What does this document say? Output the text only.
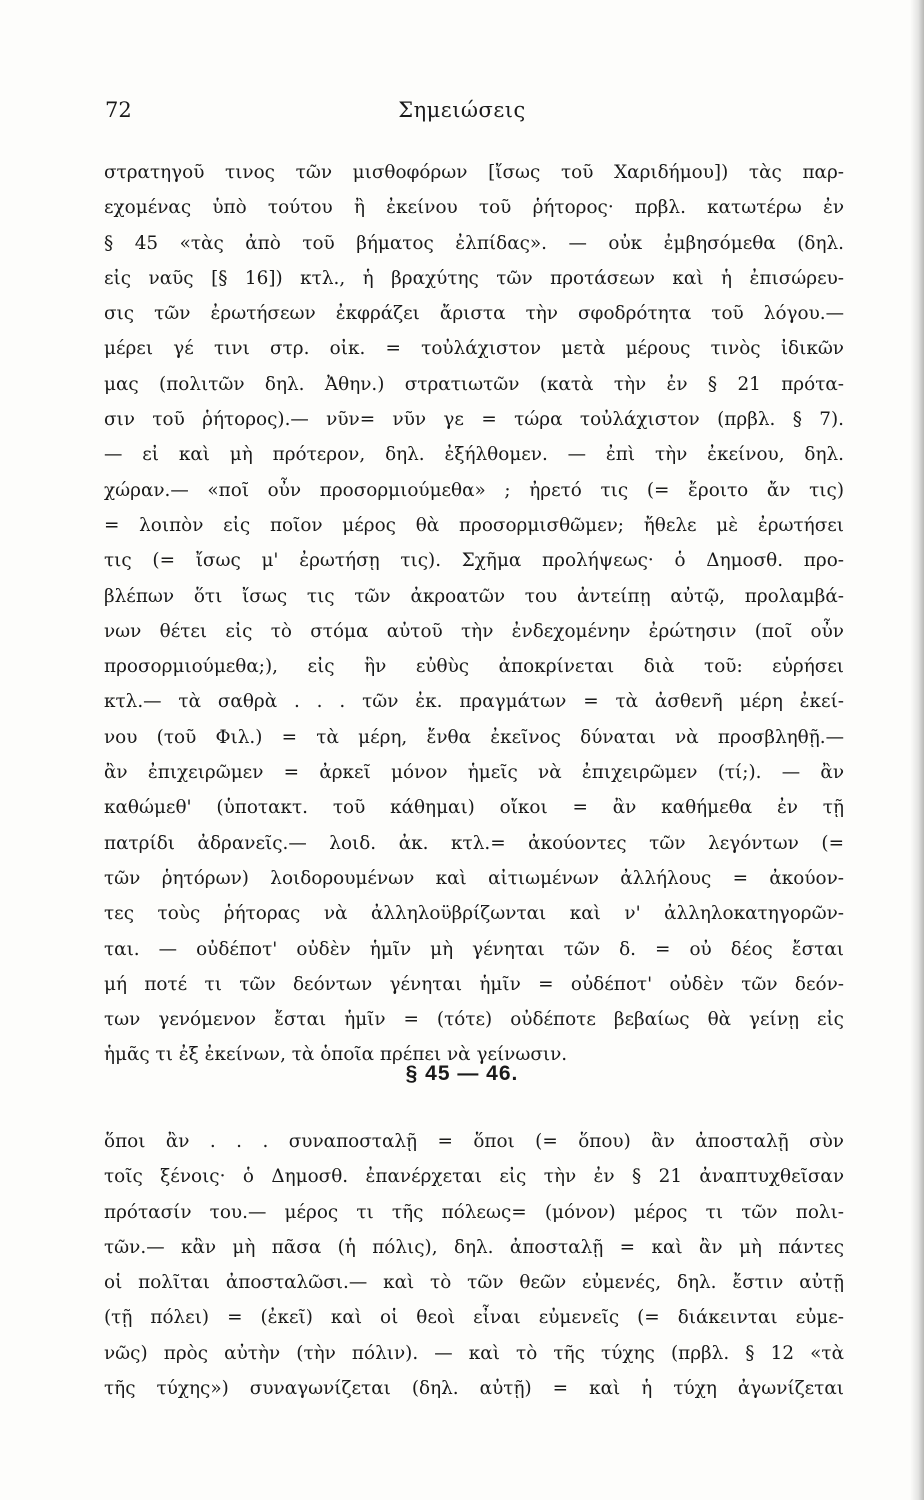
72	Σημειώσεις
στρατηγοῦ τινος τῶν μισθοφόρων [ἴσως τοῦ Χαριδήμου]) τὰς παρ-
εχομένας ὑπὸ τούτου ἢ ἐκείνου τοῦ ῥήτορος· πρβλ. κατωτέρω ἐν
§ 45 «τὰς ἀπὸ τοῦ βήματος ἐλπίδας». — οὐκ ἐμβησόμεθα (δηλ.
εἰς ναῦς [§ 16]) κτλ., ἡ βραχύτης τῶν προτάσεων καὶ ἡ ἐπισώρευ-
σις τῶν ἐρωτήσεων ἐκφράζει ἄριστα τὴν σφοδρότητα τοῦ λόγου.—
μέρει γέ τινι στρ. οἰκ. = τοὐλάχιστον μετὰ μέρους τινὸς ἰδικῶν
μας (πολιτῶν δηλ. Ἀθην.) στρατιωτῶν (κατὰ τὴν ἐν § 21 πρότα-
σιν τοῦ ῥήτορος).— νῦν= νῦν γε = τώρα τοὐλάχιστον (πρβλ. § 7).
— εἰ καὶ μὴ πρότερον, δηλ. ἐξήλθομεν. — ἐπὶ τὴν ἐκείνου, δηλ.
χώραν.— «ποῖ οὖν προσορμιούμεθα» ; ἠρετό τις (= ἔροιτο ἄν τις)
= λοιπὸν εἰς ποῖον μέρος θὰ προσορμισθῶμεν; ἤθελε μὲ ἐρωτήσει
τις (= ἴσως μ' ἐρωτήσῃ τις). Σχῆμα προλήψεως· ὁ Δημοσθ. προ-
βλέπων ὅτι ἴσως τις τῶν ἀκροατῶν του ἀντείπῃ αὐτῷ, προλαμβά-
νων θέτει εἰς τὸ στόμα αὐτοῦ τὴν ἐνδεχομένην ἐρώτησιν (ποῖ οὖν
προσορμιούμεθα;), εἰς ἣν εὐθὺς ἀποκρίνεται διὰ τοῦ: εὑρήσει
κτλ.— τὰ σαθρὰ . . . τῶν ἐκ. πραγμάτων = τὰ ἀσθενῆ μέρη ἐκεί-
νου (τοῦ Φιλ.) = τὰ μέρη, ἔνθα ἐκεῖνος δύναται νὰ προσβληθῇ.—
ἂν ἐπιχειρῶμεν = ἀρκεῖ μόνον ἡμεῖς νὰ ἐπιχειρῶμεν (τί;). — ἂν
καθώμεθ' (ὑποτακτ. τοῦ κάθημαι) οἴκοι = ἂν καθήμεθα ἐν τῇ
πατρίδι ἀδρανεῖς.— λοιδ. ἀκ. κτλ.= ἀκούοντες τῶν λεγόντων (=
τῶν ῥητόρων) λοιδορουμένων καὶ αἰτιωμένων ἀλλήλους = ἀκούον-
τες τοὺς ῥήτορας νὰ ἀλληλοϋβρίζωνται καὶ ν' ἀλληλοκατηγορῶν-
ται. — οὐδέποτ' οὐδὲν ἡμῖν μὴ γένηται τῶν δ. = οὐ δέος ἔσται
μή ποτέ τι τῶν δεόντων γένηται ἡμῖν = οὐδέποτ' οὐδὲν τῶν δεόν-
των γενόμενον ἔσται ἡμῖν = (τότε) οὐδέποτε βεβαίως θὰ γείνῃ εἰς
ἡμᾶς τι ἐξ ἐκείνων, τὰ ὁποῖα πρέπει νὰ γείνωσιν.
§ 45 — 46.
ὅποι ἂν . . . συναποσταλῇ = ὅποι (= ὅπου) ἂν ἀποσταλῇ σὺν
τοῖς ξένοις· ὁ Δημοσθ. ἐπανέρχεται εἰς τὴν ἐν § 21 ἀναπτυχθεῖσαν
πρότασίν του.— μέρος τι τῆς πόλεως= (μόνον) μέρος τι τῶν πολι-
τῶν.— κἂν μὴ πᾶσα (ἡ πόλις), δηλ. ἀποσταλῇ = καὶ ἂν μὴ πάντες
οἱ πολῖται ἀποσταλῶσι.— καὶ τὸ τῶν θεῶν εὐμενές, δηλ. ἔστιν αὐτῇ
(τῇ πόλει) = (ἐκεῖ) καὶ οἱ θεοὶ εἶναι εὐμενεῖς (= διάκεινται εὐμε-
νῶς) πρὸς αὐτὴν (τὴν πόλιν). — καὶ τὸ τῆς τύχης (πρβλ. § 12 «τὰ
τῆς τύχης») συναγωνίζεται (δηλ. αὐτῇ) = καὶ ἡ τύχη ἀγωνίζεται
